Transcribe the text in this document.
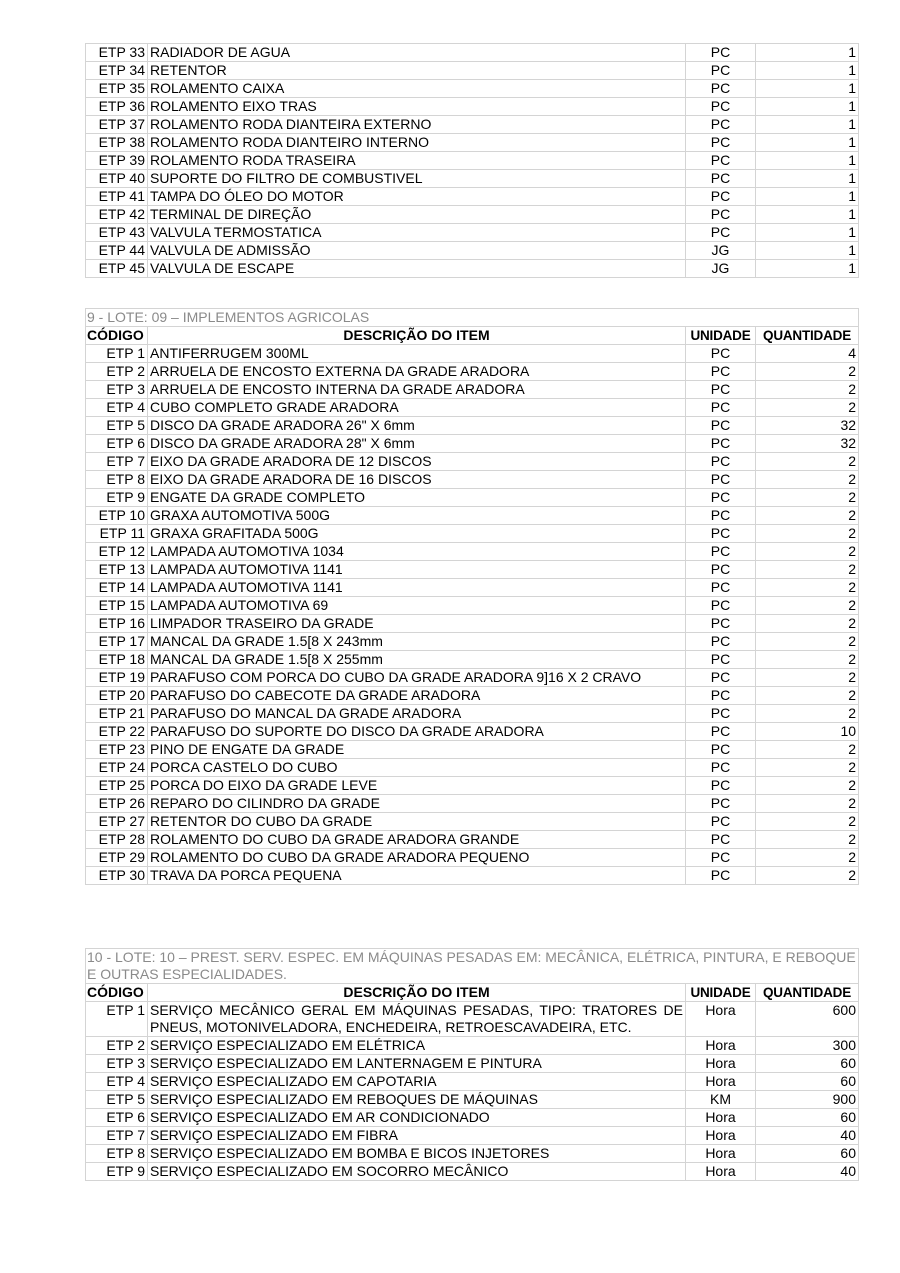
ETP 33	RADIADOR DE AGUA	PC	1
ETP 34	RETENTOR	PC	1
ETP 35	ROLAMENTO CAIXA	PC	1
ETP 36	ROLAMENTO EIXO TRAS	PC	1
ETP 37	ROLAMENTO RODA DIANTEIRA EXTERNO	PC	1
ETP 38	ROLAMENTO RODA DIANTEIRO INTERNO	PC	1
ETP 39	ROLAMENTO RODA TRASEIRA	PC	1
ETP 40	SUPORTE DO FILTRO DE COMBUSTIVEL	PC	1
ETP 41	TAMPA DO ÓLEO DO MOTOR	PC	1
ETP 42	TERMINAL DE DIREÇÃO	PC	1
ETP 43	VALVULA TERMOSTATICA	PC	1
ETP 44	VALVULA DE ADMISSÃO	JG	1
ETP 45	VALVULA DE ESCAPE	JG	1
9 - LOTE: 09 – IMPLEMENTOS AGRICOLAS			
CÓDIGO	DESCRIÇÃO DO ITEM	UNIDADE	QUANTIDADE
ETP 1	ANTIFERRUGEM 300ML	PC	4
ETP 2	ARRUELA DE ENCOSTO EXTERNA DA GRADE ARADORA	PC	2
ETP 3	ARRUELA DE ENCOSTO INTERNA DA GRADE ARADORA	PC	2
ETP 4	CUBO COMPLETO GRADE ARADORA	PC	2
ETP 5	DISCO DA GRADE ARADORA 26" X 6mm	PC	32
ETP 6	DISCO DA GRADE ARADORA 28" X 6mm	PC	32
ETP 7	EIXO DA GRADE ARADORA DE 12 DISCOS	PC	2
ETP 8	EIXO DA GRADE ARADORA DE 16 DISCOS	PC	2
ETP 9	ENGATE DA GRADE COMPLETO	PC	2
ETP 10	GRAXA AUTOMOTIVA 500G	PC	2
ETP 11	GRAXA GRAFITADA 500G	PC	2
ETP 12	LAMPADA AUTOMOTIVA 1034	PC	2
ETP 13	LAMPADA AUTOMOTIVA 1141	PC	2
ETP 14	LAMPADA AUTOMOTIVA 1141	PC	2
ETP 15	LAMPADA AUTOMOTIVA 69	PC	2
ETP 16	LIMPADOR TRASEIRO DA GRADE	PC	2
ETP 17	MANCAL DA GRADE 1.5[8 X 243mm	PC	2
ETP 18	MANCAL DA GRADE 1.5[8 X 255mm	PC	2
ETP 19	PARAFUSO COM PORCA DO CUBO DA GRADE ARADORA 9]16 X 2 CRAVO	PC	2
ETP 20	PARAFUSO DO CABECOTE DA GRADE ARADORA	PC	2
ETP 21	PARAFUSO DO MANCAL DA GRADE ARADORA	PC	2
ETP 22	PARAFUSO DO SUPORTE DO DISCO DA GRADE ARADORA	PC	10
ETP 23	PINO DE ENGATE DA GRADE	PC	2
ETP 24	PORCA CASTELO DO CUBO	PC	2
ETP 25	PORCA DO EIXO DA GRADE LEVE	PC	2
ETP 26	REPARO DO CILINDRO DA GRADE	PC	2
ETP 27	RETENTOR DO CUBO DA GRADE	PC	2
ETP 28	ROLAMENTO DO CUBO DA GRADE ARADORA GRANDE	PC	2
ETP 29	ROLAMENTO DO CUBO DA GRADE ARADORA PEQUENO	PC	2
ETP 30	TRAVA DA PORCA PEQUENA	PC	2
10 - LOTE: 10 – PREST. SERV. ESPEC. EM MÁQUINAS PESADAS EM: MECÂNICA, ELÉTRICA, PINTURA, E REBOQUE E OUTRAS ESPECIALIDADES.			
CÓDIGO	DESCRIÇÃO DO ITEM	UNIDADE	QUANTIDADE
ETP 1	SERVIÇO MECÂNICO GERAL EM MÁQUINAS PESADAS, TIPO: TRATORES DE PNEUS, MOTONIVELADORA, ENCHEDEIRA, RETROESCAVADEIRA, ETC.	Hora	600
ETP 2	SERVIÇO ESPECIALIZADO EM ELÉTRICA	Hora	300
ETP 3	SERVIÇO ESPECIALIZADO EM LANTERNAGEM E PINTURA	Hora	60
ETP 4	SERVIÇO ESPECIALIZADO EM CAPOTARIA	Hora	60
ETP 5	SERVIÇO ESPECIALIZADO EM REBOQUES DE MÁQUINAS	KM	900
ETP 6	SERVIÇO ESPECIALIZADO EM AR CONDICIONADO	Hora	60
ETP 7	SERVIÇO ESPECIALIZADO EM FIBRA	Hora	40
ETP 8	SERVIÇO ESPECIALIZADO EM BOMBA E BICOS INJETORES	Hora	60
ETP 9	SERVIÇO ESPECIALIZADO EM SOCORRO MECÂNICO	Hora	40
